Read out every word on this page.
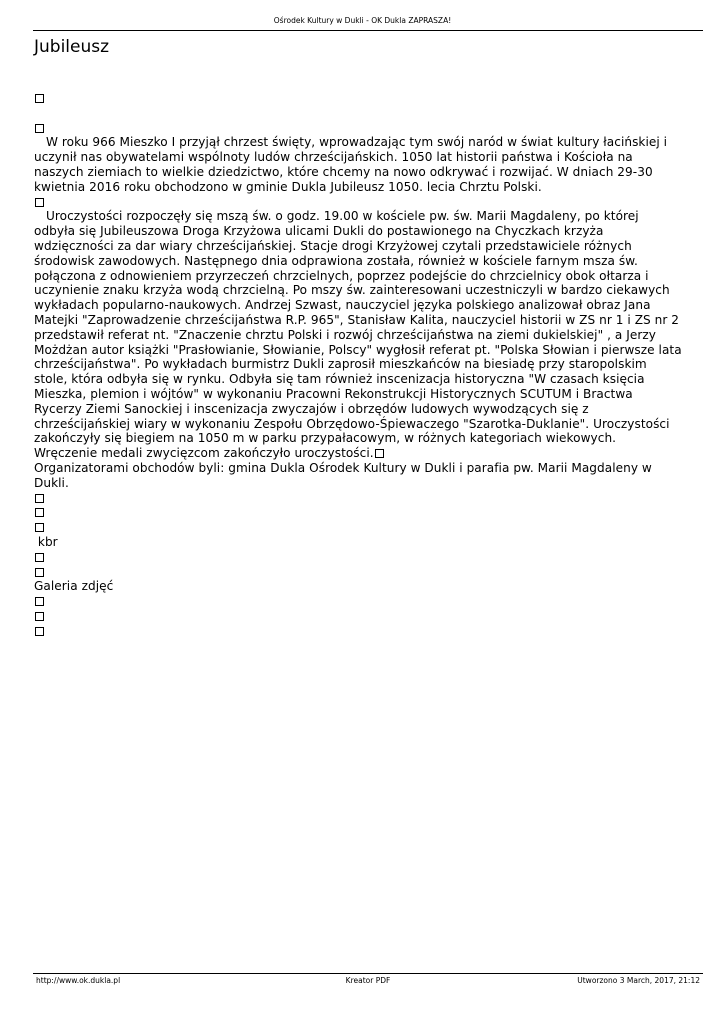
Ośrodek Kultury w Dukli - OK Dukla ZAPRASZA!
Jubileusz

W roku 966 Mieszko I przyjął chrzest święty, wprowadzając tym swój naród w świat kultury łacińskiej i uczynił nas obywatelami wspólnoty ludów chrześcijańskich. 1050 lat historii państwa i Kościoła na naszych ziemiach to wielkie dziedzictwo, które chcemy na nowo odkrywać i rozwijać. W dniach 29-30 kwietnia 2016 roku obchodzono w gminie Dukla Jubileusz 1050. lecia Chrztu Polski.

Uroczystości rozpoczęły się mszą św. o godz. 19.00 w kościele pw. św. Marii Magdaleny, po której odbyła się Jubileuszowa Droga Krzyżowa ulicami Dukli do postawionego na Chyczkach krzyża wdzięczności za dar wiary chrześcijańskiej. Stacje drogi Krzyżowej czytali przedstawiciele różnych środowisk zawodowych. Następnego dnia odprawiona została, również w kościele farnym msza św. połączona z odnowieniem przyrzeczeń chrzcielnych, poprzez podejście do chrzcielnicy obok ołtarza i uczynienie znaku krzyża wodą chrzcielną. Po mszy św. zainteresowani uczestniczyli w bardzo ciekawych wykładach popularno-naukowych. Andrzej Szwast, nauczyciel języka polskiego analizował obraz Jana Matejki "Zaprowadzenie chrześcijaństwa R.P. 965", Stanisław Kalita, nauczyciel historii w ZS nr 1 i ZS nr 2 przedstawił referat nt. "Znaczenie chrztu Polski i rozwój chrześcijaństwa na ziemi dukielskiej" , a Jerzy Możdżan autor książki "Prasłowianie, Słowianie, Polscy" wygłosił referat pt. "Polska Słowian i pierwsze lata chrześcijaństwa". Po wykładach burmistrz Dukli zaprosił mieszkańców na biesiadę przy staropolskim stole, która odbyła się w rynku. Odbyła się tam również inscenizacja historyczna "W czasach księcia Mieszka, plemion i wójtów" w wykonaniu Pracowni Rekonstrukcji Historycznych SCUTUM i Bractwa Rycerzy Ziemi Sanockiej i inscenizacja zwyczajów i obrzędów ludowych wywodzących się z chrześcijańskiej wiary w wykonaniu Zespołu Obrzędowo-Śpiewaczego "Szarotka-Duklanie". Uroczystości zakończyły się biegiem na 1050 m w parku przypałacowym, w różnych kategoriach wiekowych. Wręczenie medali zwycięzcom zakończyło uroczystości.

Organizatorami obchodów byli: gmina Dukla Ośrodek Kultury w Dukli i parafia pw. Marii Magdaleny w Dukli.

kbr

Galeria zdjęć

http://www.ok.dukla.pl	Kreator PDF	Utworzono 3 March, 2017, 21:12
